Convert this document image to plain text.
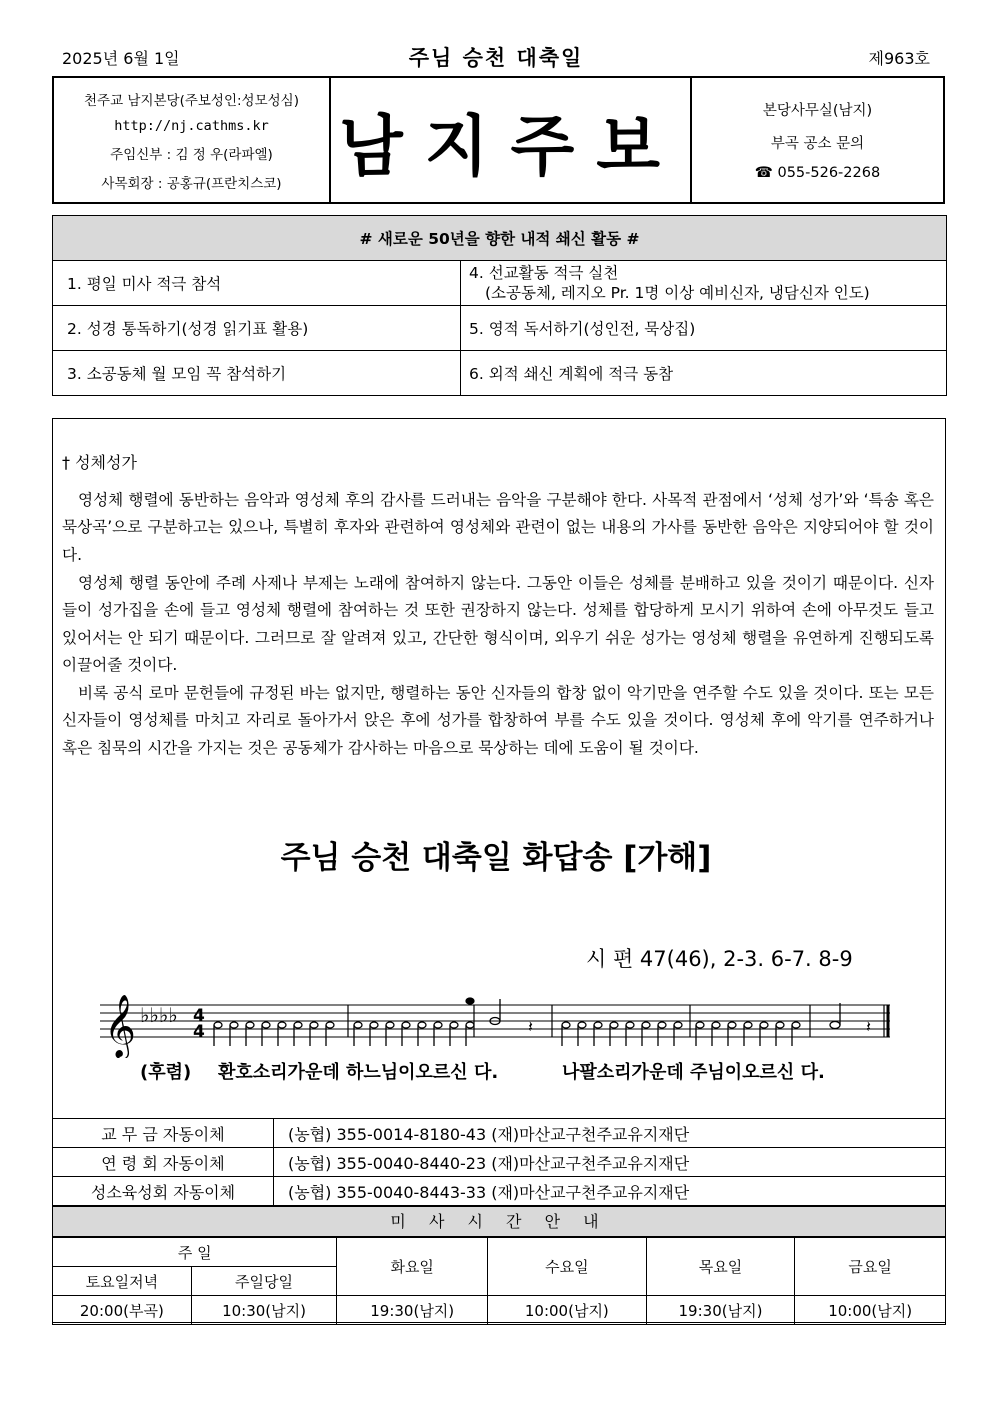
2025년 6월 1일	주님 승천 대축일	제963호
천주교 남지본당(주보성인:성모성심)
http://nj.cathms.kr
주임신부 : 김 정 우(라파엘)
사목회장 : 공홍규(프란치스코) 남지주보	본당사무실(남지)
부곡 공소 문의
☎ 055-526-2268
# 새로운 50년을 향한 내적 쇄신 활동 #	
1. 평일 미사 적극 참석	4. 선교활동 적극 실천
(소공동체, 레지오 Pr. 1명 이상 예비신자, 냉담신자 인도)

2. 성경 통독하기(성경 읽기표 활용)	5. 영적 독서하기(성인전, 묵상집)
3. 소공동체 월 모임 꼭 참석하기	6. 외적 쇄신 계획에 적극 동참
† 성체성가
영성체 행렬에 동반하는 음악과 영성체 후의 감사를 드러내는 음악을 구분해야 한다. 사목적 관점에서 ‘성체 성가’와 ‘특송 혹은 묵상곡’으로 구분하고는 있으나, 특별히 후자와 관련하여 영성체와 관련이 없는 내용의 가사를 동반한 음악은 지양되어야 할 것이다.
영성체 행렬 동안에 주례 사제나 부제는 노래에 참여하지 않는다. 그동안 이들은 성체를 분배하고 있을 것이기 때문이다. 신자들이 성가집을 손에 들고 영성체 행렬에 참여하는 것 또한 권장하지 않는다. 성체를 합당하게 모시기 위하여 손에 아무것도 들고 있어서는 안 되기 때문이다. 그러므로 잘 알려져 있고, 간단한 형식이며, 외우기 쉬운 성가는 영성체 행렬을 유연하게 진행되도록 이끌어줄 것이다.
비록 공식 로마 문헌들에 규정된 바는 없지만, 행렬하는 동안 신자들의 합창 없이 악기만을 연주할 수도 있을 것이다. 또는 모든 신자들이 영성체를 마치고 자리로 돌아가서 앉은 후에 성가를 합창하여 부를 수도 있을 것이다. 영성체 후에 악기를 연주하거나 혹은 침묵의 시간을 가지는 것은 공동체가 감사하는 마음으로 묵상하는 데에 도움이 될 것이다.
주님 승천 대축일 화답송 [가해]
시 편 47(46), 2-3. 6-7. 8-9
𝄞 ♭♭♭♭ 4
4	𝄽	𝄽
(후렴) 환호소리가운데 하느님이오르신 다.	나팔소리가운데 주님이오르신 다.
교 무 금 자동이체	(농협) 355-0014-8180-43 (재)마산교구천주교유지재단
연 령 회 자동이체	(농협) 355-0040-8440-23 (재)마산교구천주교유지재단
성소육성회 자동이체	(농협) 355-0040-8443-33 (재)마산교구천주교유지재단
미 사 시 간 안 내
주 일		화요일	수요일	목요일	금요일
토요일저녁	주일당일				
20:00(부곡)	10:30(남지)	19:30(남지)	10:00(남지)	19:30(남지)	10:00(남지)
